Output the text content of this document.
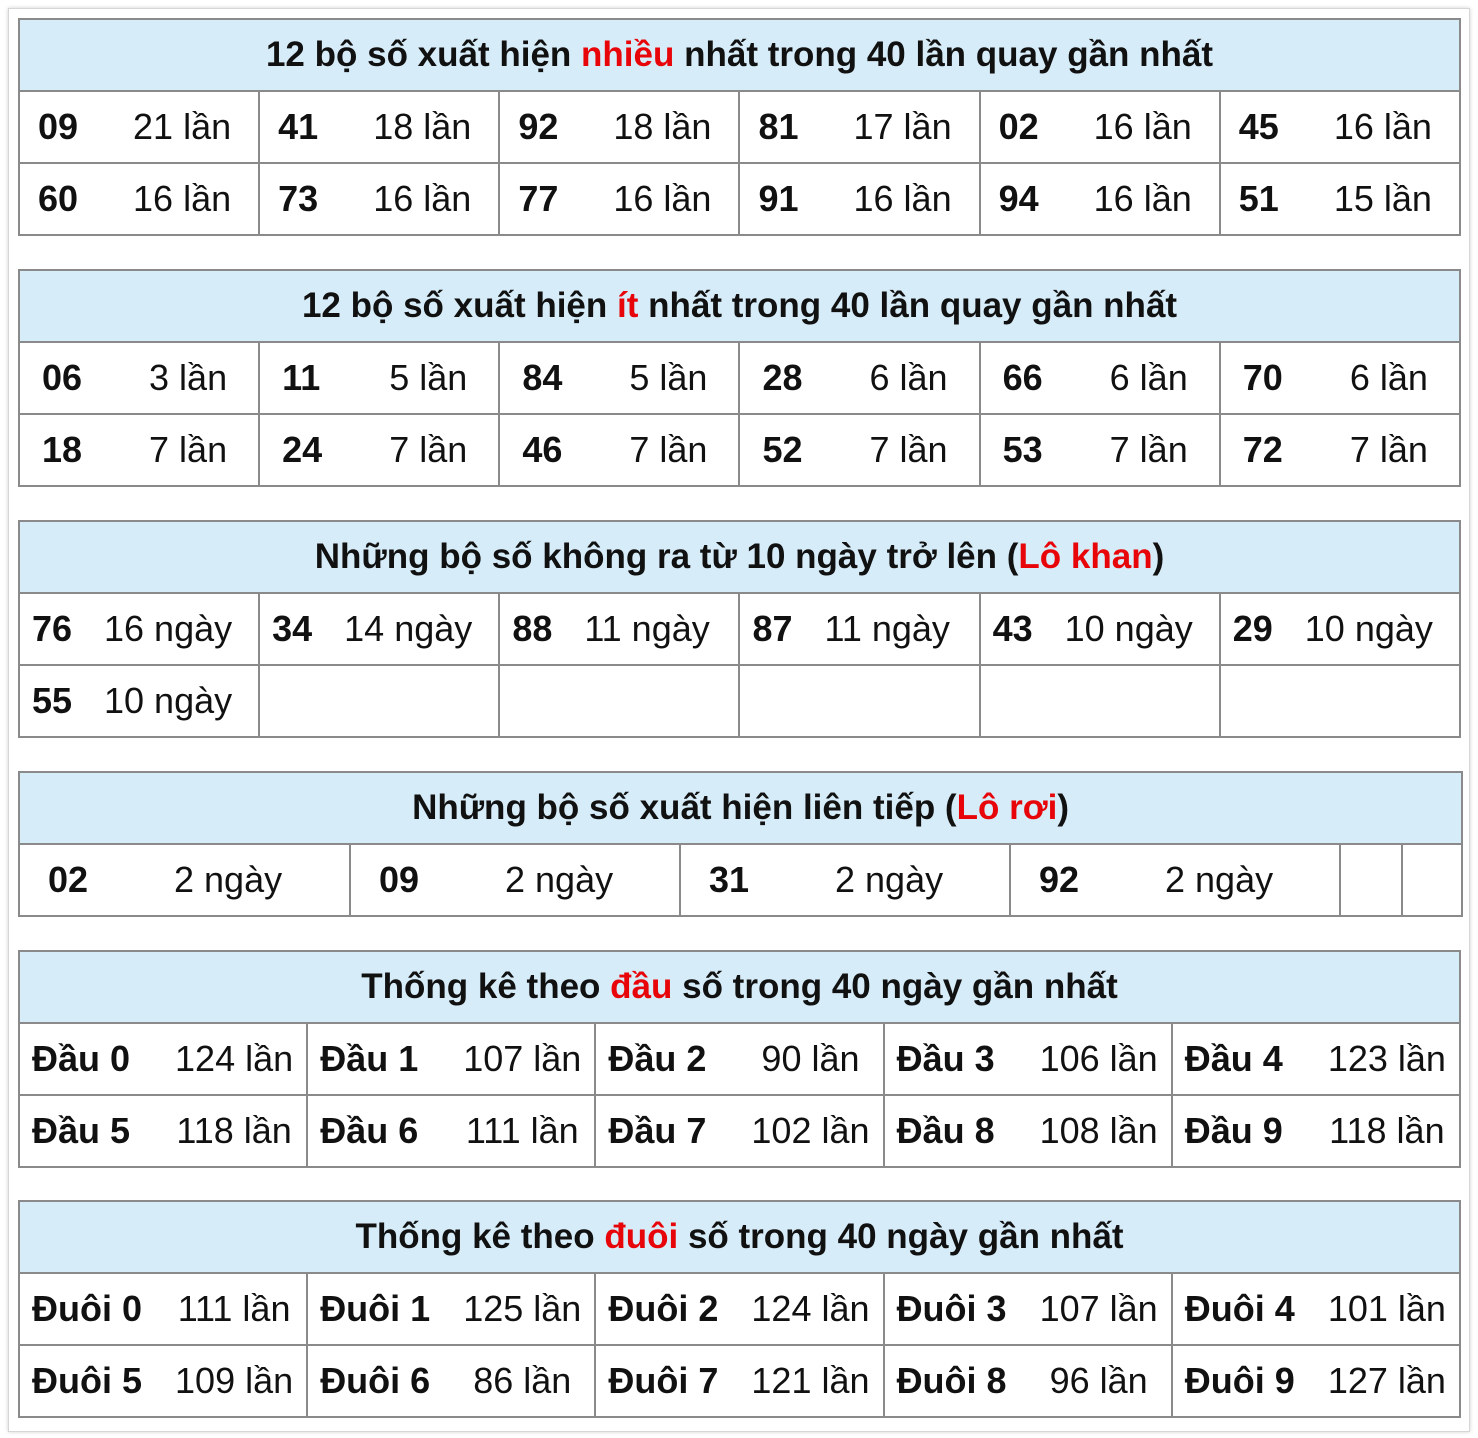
12 bộ số xuất hiện nhiều nhất trong 40 lần quay gần nhất					

09 21 lần	41 18 lần	92 18 lần	81 17 lần	02 16 lần	45 16 lần

60 16 lần	73 16 lần	77 16 lần	91 16 lần	94 16 lần	51 15 lần
12 bộ số xuất hiện ít nhất trong 40 lần quay gần nhất					

06 3 lần	11 5 lần	84 5 lần	28 6 lần	66 6 lần	70 6 lần

18 7 lần	24 7 lần	46 7 lần	52 7 lần	53 7 lần	72 7 lần
Những bộ số không ra từ 10 ngày trở lên (Lô khan)					

76 16 ngày	34 14 ngày	88 11 ngày	87 11 ngày	43 10 ngày	29 10 ngày

55 10 ngày					

Những bộ số xuất hiện liên tiếp (Lô rơi)

02	2 ngày	09	2 ngày	31	2 ngày	92	2 ngày

Thống kê theo đầu số trong 40 ngày gần nhất				

Đầu 0 124 lần	Đầu 1 107 lần	Đầu 2 90 lần	Đầu 3 106 lần	Đầu 4 123 lần

Đầu 5 118 lần	Đầu 6 111 lần	Đầu 7 102 lần	Đầu 8 108 lần	Đầu 9 118 lần
Thống kê theo đuôi số trong 40 ngày gần nhất				

Đuôi 0 111 lần	Đuôi 1 125 lần	Đuôi 2 124 lần	Đuôi 3 107 lần	Đuôi 4 101 lần

Đuôi 5 109 lần	Đuôi 6 86 lần	Đuôi 7 121 lần	Đuôi 8 96 lần	Đuôi 9 127 lần
